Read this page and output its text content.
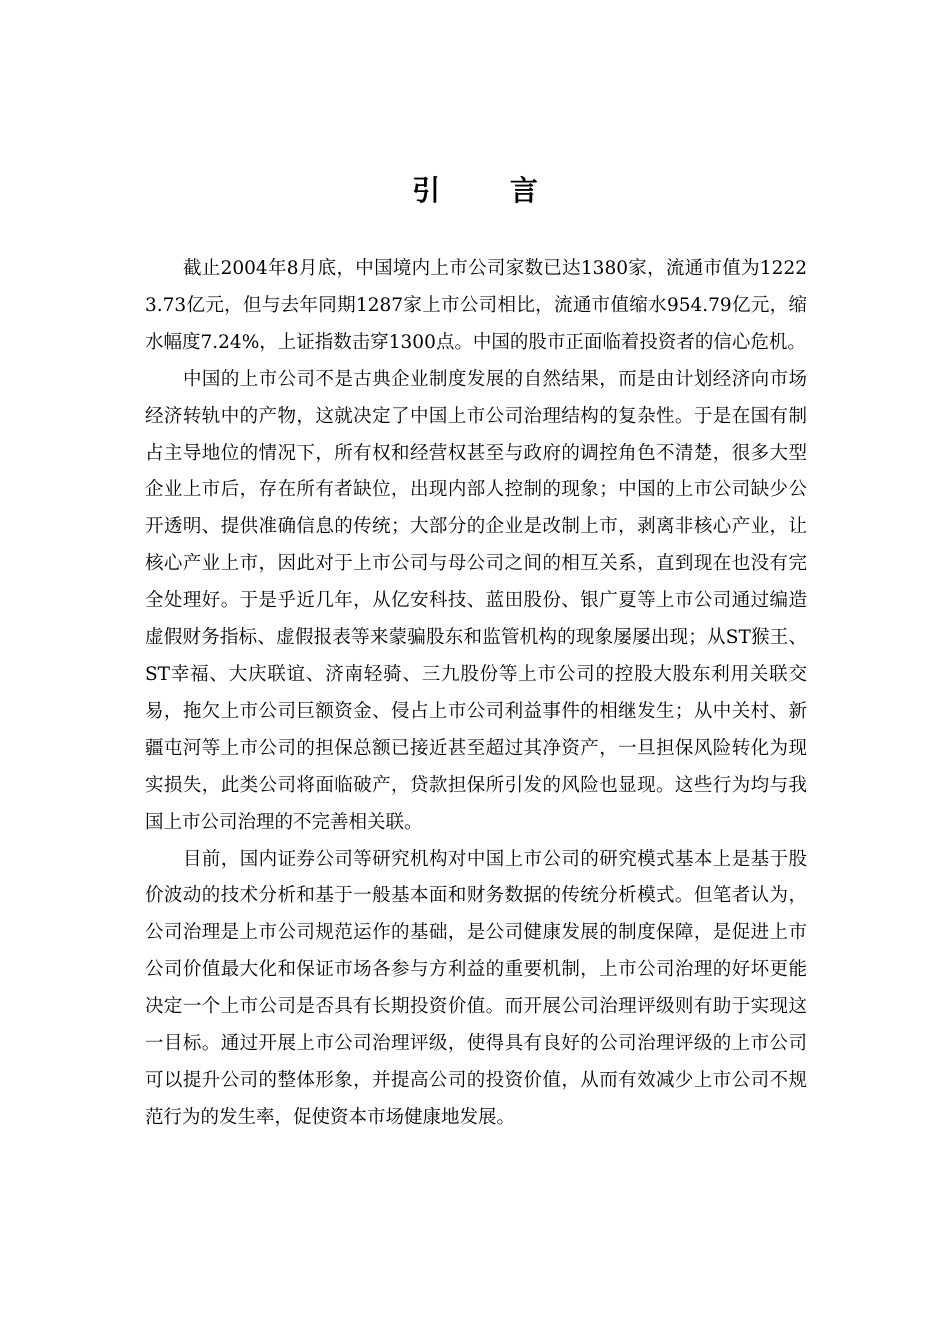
引 言

截止2004年8月底，中国境内上市公司家数已达1380家，流通市值为12223.73亿元，但与去年同期1287家上市公司相比，流通市值缩水954.79亿元，缩水幅度7.24%，上证指数击穿1300点。中国的股市正面临着投资者的信心危机。

中国的上市公司不是古典企业制度发展的自然结果，而是由计划经济向市场经济转轨中的产物，这就决定了中国上市公司治理结构的复杂性。于是在国有制占主导地位的情况下，所有权和经营权甚至与政府的调控角色不清楚，很多大型企业上市后，存在所有者缺位，出现内部人控制的现象；中国的上市公司缺少公开透明、提供准确信息的传统；大部分的企业是改制上市，剥离非核心产业，让核心产业上市，因此对于上市公司与母公司之间的相互关系，直到现在也没有完全处理好。于是乎近几年，从亿安科技、蓝田股份、银广夏等上市公司通过编造虚假财务指标、虚假报表等来蒙骗股东和监管机构的现象屡屡出现；从ST猴王、ST幸福、大庆联谊、济南轻骑、三九股份等上市公司的控股大股东利用关联交易，拖欠上市公司巨额资金、侵占上市公司利益事件的相继发生；从中关村、新疆屯河等上市公司的担保总额已接近甚至超过其净资产，一旦担保风险转化为现实损失，此类公司将面临破产，贷款担保所引发的风险也显现。这些行为均与我国上市公司治理的不完善相关联。

目前，国内证券公司等研究机构对中国上市公司的研究模式基本上是基于股价波动的技术分析和基于一般基本面和财务数据的传统分析模式。但笔者认为，公司治理是上市公司规范运作的基础，是公司健康发展的制度保障，是促进上市公司价值最大化和保证市场各参与方利益的重要机制，上市公司治理的好坏更能决定一个上市公司是否具有长期投资价值。而开展公司治理评级则有助于实现这一目标。通过开展上市公司治理评级，使得具有良好的公司治理评级的上市公司可以提升公司的整体形象，并提高公司的投资价值，从而有效减少上市公司不规范行为的发生率，促使资本市场健康地发展。
